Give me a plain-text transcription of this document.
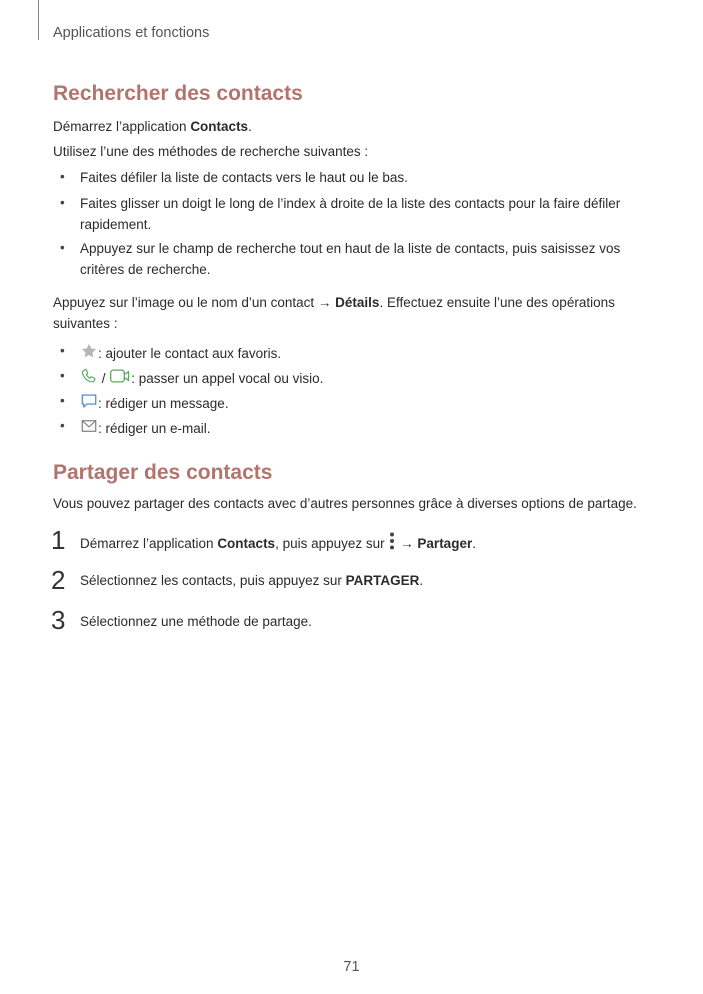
Applications et fonctions
Rechercher des contacts
Démarrez l’application Contacts.
Utilisez l’une des méthodes de recherche suivantes :
• Faites défiler la liste de contacts vers le haut ou le bas.
• Faites glisser un doigt le long de l’index à droite de la liste des contacts pour la faire défiler
rapidement.
• Appuyez sur le champ de recherche tout en haut de la liste de contacts, puis saisissez vos
critères de recherche.
Appuyez sur l’image ou le nom d’un contact → Détails. Effectuez ensuite l’une des opérations
suivantes :
• : ajouter le contact aux favoris.
• / : passer un appel vocal ou visio.
• : rédiger un message.
• : rédiger un e-mail.
Partager des contacts
Vous pouvez partager des contacts avec d’autres personnes grâce à diverses options de partage.
1 Démarrez l’application Contacts , puis appuyez sur → Partager .
2 Sélectionnez les contacts, puis appuyez sur PARTAGER .
3 Sélectionnez une méthode de partage.
71
